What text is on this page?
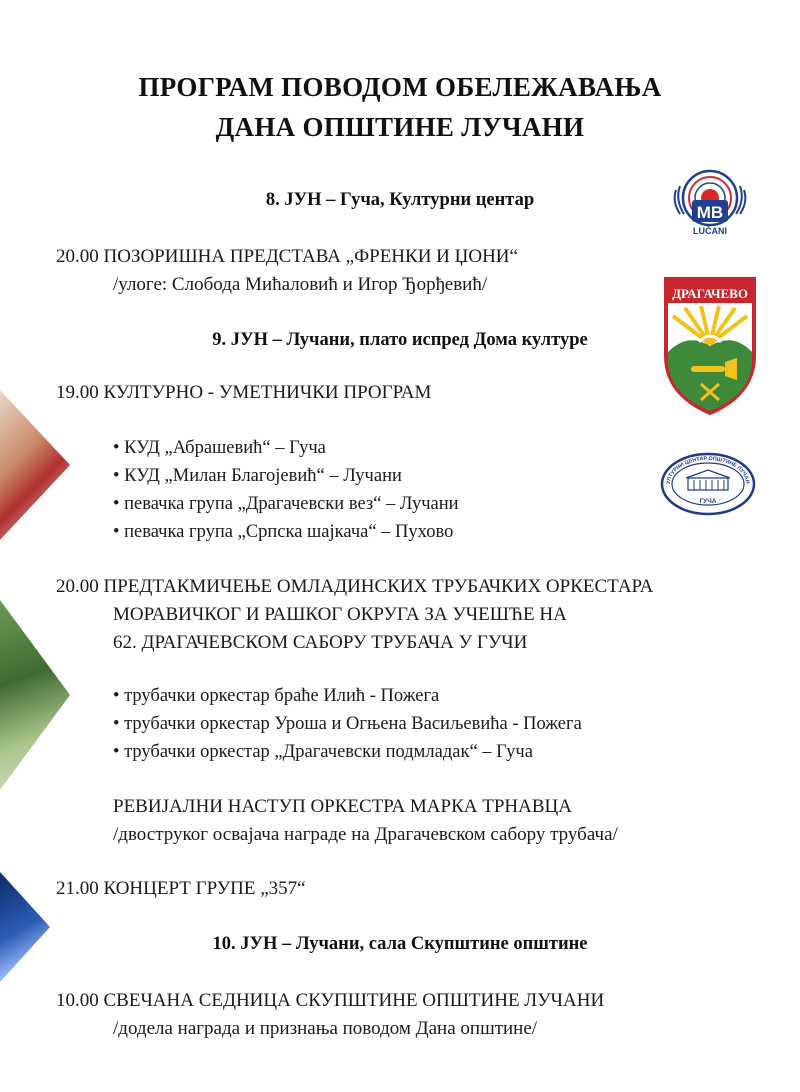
ПРОГРАМ ПОВОДОМ ОБЕЛЕЖАВАЊА
ДАНА ОПШТИНЕ ЛУЧАНИ
MB
LUČANI
ДРАГАЧЕВО
УЛТУРНИ ЦЕНТАР ОПШТИНЕ ЛУЧАН
ГУЧА
8. ЈУН – Гуча, Културни центар
20.00 ПОЗОРИШНА ПРЕДСТАВА „ФРЕНКИ И ЏОНИ“
/улоге: Слобода Мићаловић и Игор Ђорђевић/
9. ЈУН – Лучани, плато испред Дома културе
19.00 КУЛТУРНО - УМЕТНИЧКИ ПРОГРАМ
• КУД „Абрашевић“ – Гуча
• КУД „Милан Благојевић“ – Лучани
• певачка група „Драгачевски вез“ – Лучани
• певачка група „Српска шајкача“ – Пухово
20.00 ПРЕДТАКМИЧЕЊЕ ОМЛАДИНСКИХ ТРУБАЧКИХ ОРКЕСТАРА
МОРАВИЧКОГ И РАШКОГ ОКРУГА ЗА УЧЕШЋЕ НА
62. ДРАГАЧЕВСКОМ САБОРУ ТРУБАЧА У ГУЧИ
• трубачки оркестар браће Илић - Пожега
• трубачки оркестар Уроша и Огњена Васиљевића - Пожега
• трубачки оркестар „Драгачевски подмладак“ – Гуча
РЕВИЈАЛНИ НАСТУП ОРКЕСТРА МАРКА ТРНАВЦА
/двоструког освајача награде на Драгачевском сабору трубача/
21.00 КОНЦЕРТ ГРУПЕ „357“
10. ЈУН – Лучани, сала Скупштине општине
10.00 СВЕЧАНА СЕДНИЦА СКУПШТИНЕ ОПШТИНЕ ЛУЧАНИ
/додела награда и признања поводом Дана општине/
